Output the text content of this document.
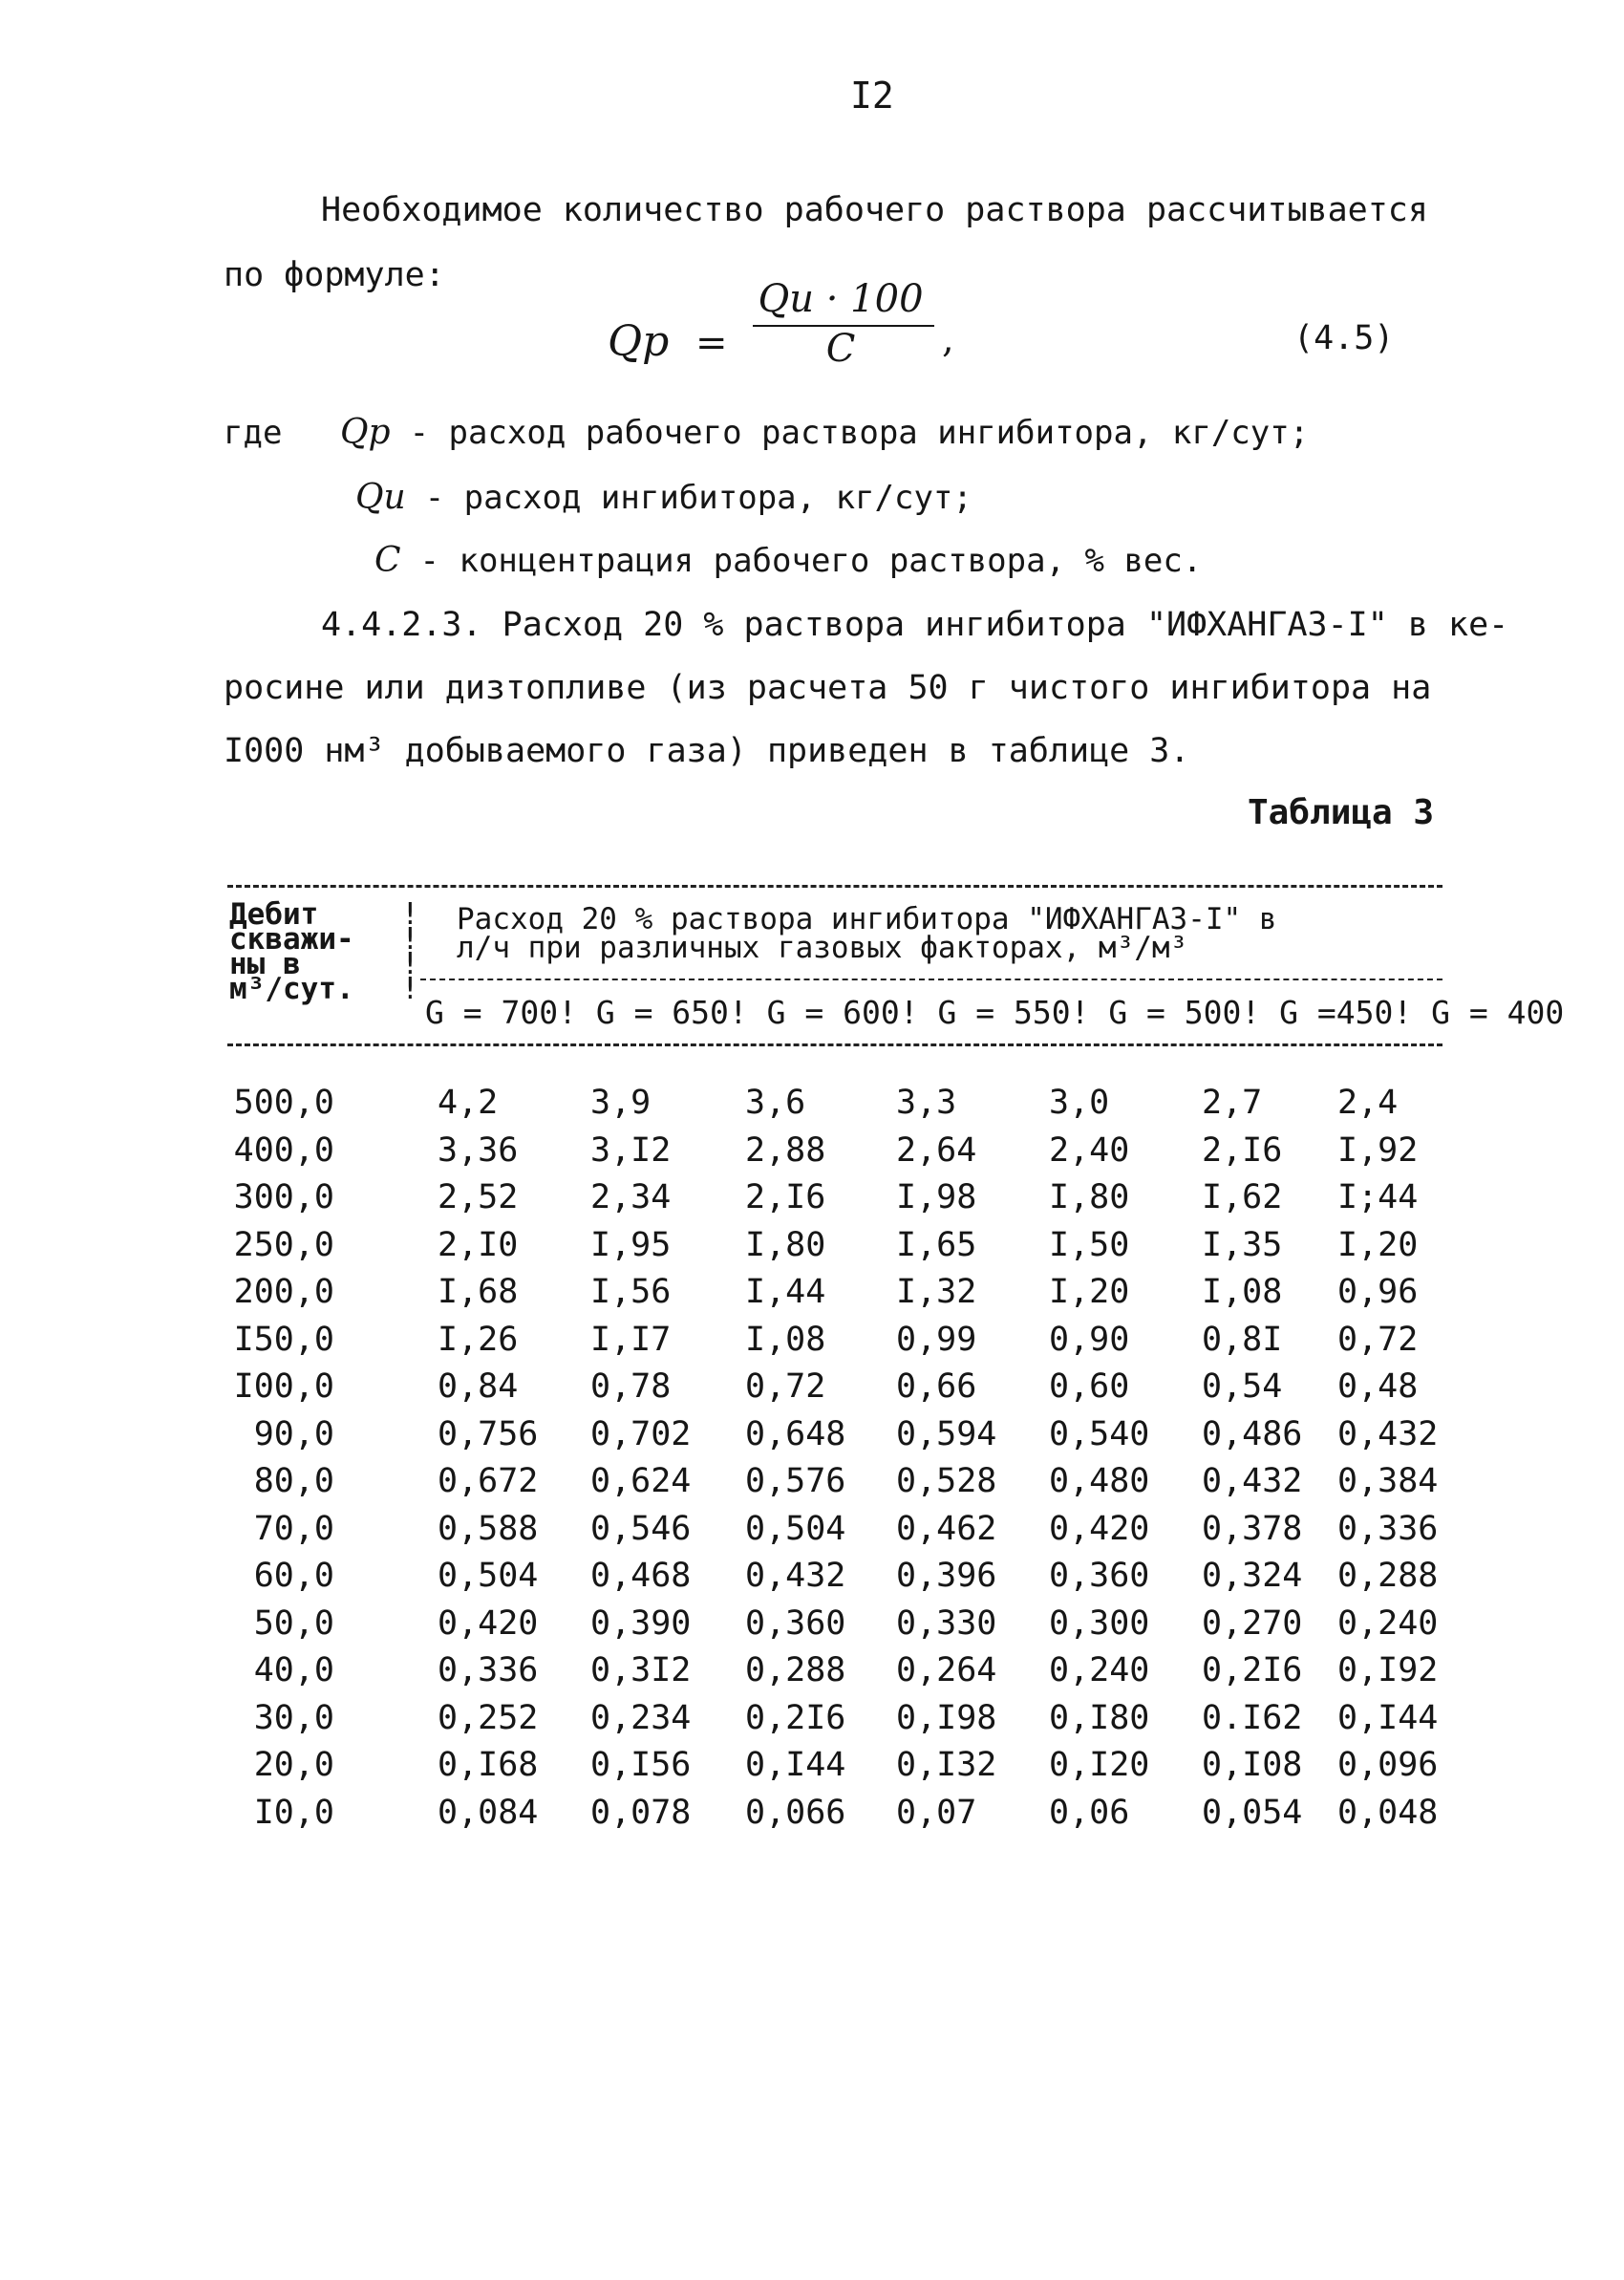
I2
Необходимое количество рабочего раствора рассчитывается
по формуле:
Qр =
Qи · 100
C	,	(4.5)
где Qр - расход рабочего раствора ингибитора, кг/сут;
Qи - расход ингибитора, кг/сут;
C - концентрация рабочего раствора, % вес.
4.4.2.3. Расход 20 % раствора ингибитора "ИФХАНГАЗ-I" в ке-
росине или дизтопливе (из расчета 50 г чистого ингибитора на
I000 нм³ добываемого газа) приведен в таблице 3.
Таблица 3
Дебит
скважи-
ны в
м³/сут.
!
!
!
!
Расход 20 % раствора ингибитора "ИФХАНГАЗ-I" в
л/ч при различных газовых факторах, м³/м³
G = 700! G = 650! G = 600! G = 550! G = 500! G =450! G = 400
500,0	4,2	3,9	3,6	3,3	3,0	2,7 2,4
400,0	3,36 3,I2 2,88 2,64 2,40 2,I6 I,92
300,0	2,52 2,34 2,I6 I,98 I,80 I,62 I;44
250,0	2,I0 I,95 I,80 I,65 I,50 I,35 I,20
200,0	I,68 I,56 I,44 I,32 I,20 I,08 0,96
I50,0	I,26 I,I7 I,08 0,99 0,90 0,8I 0,72
I00,0	0,84 0,78 0,72 0,66 0,60 0,54 0,48
90,0	0,756 0,702 0,648 0,594 0,540 0,486 0,432
80,0	0,672 0,624 0,576 0,528 0,480 0,432 0,384
70,0	0,588 0,546 0,504 0,462 0,420 0,378 0,336
60,0	0,504 0,468 0,432 0,396 0,360 0,324 0,288
50,0	0,420 0,390 0,360 0,330 0,300 0,270 0,240
40,0	0,336 0,3I2 0,288 0,264 0,240 0,2I6 0,I92
30,0	0,252 0,234 0,2I6 0,I98 0,I80 0.I62 0,I44
20,0	0,I68 0,I56 0,I44 0,I32 0,I20 0,I08 0,096
I0,0	0,084 0,078 0,066 0,07 0,06 0,054 0,048
